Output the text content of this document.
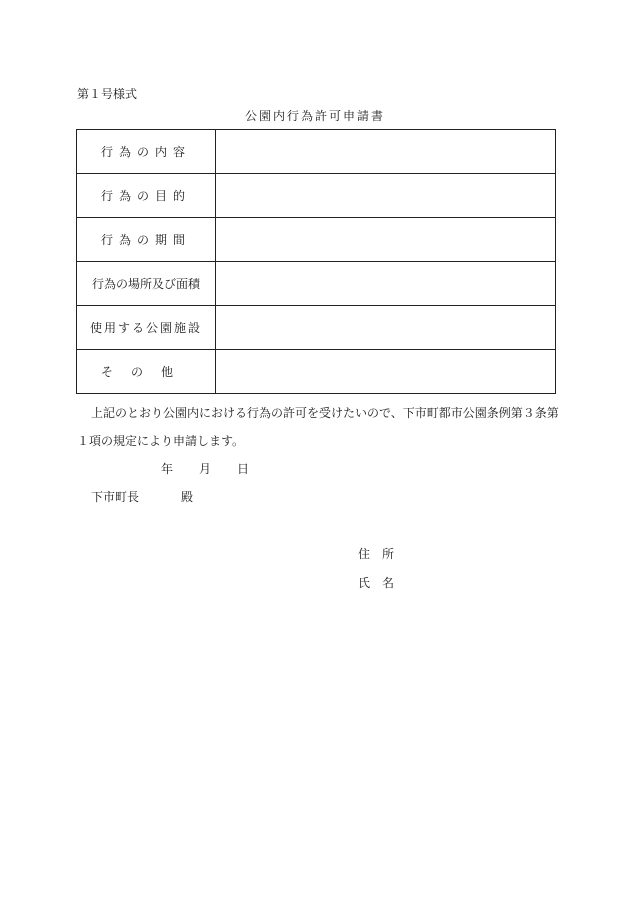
第１号様式
公園内行為許可申請書
行為の内容	
行為の目的	
行為の期間	
行為の場所及び面積	
使用する公園施設	
その他	
上記のとおり公園内における行為の許可を受けたいので、下市町都市公園条例第３条第
１項の規定により申請します。
年 月 日
下市町長	殿
住　所
氏　名
